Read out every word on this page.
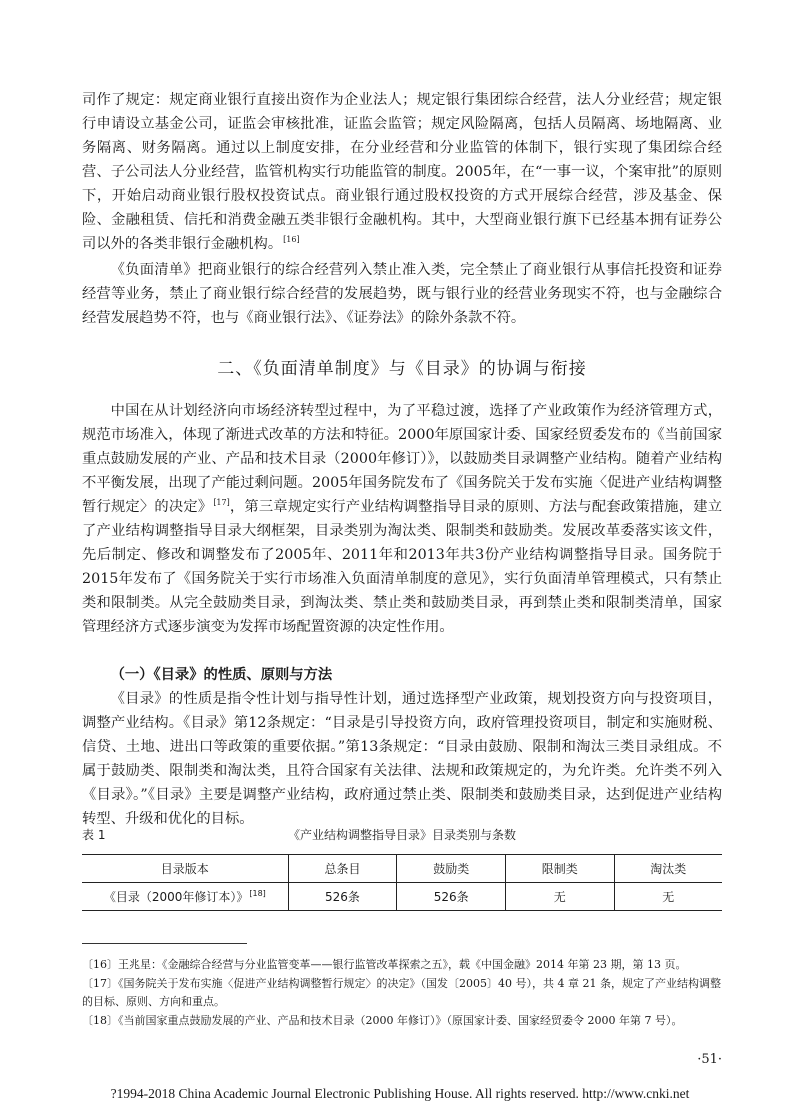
司作了规定：规定商业银行直接出资作为企业法人；规定银行集团综合经营，法人分业经营；规定银行申请设立基金公司，证监会审核批准，证监会监管；规定风险隔离，包括人员隔离、场地隔离、业务隔离、财务隔离。通过以上制度安排，在分业经营和分业监管的体制下，银行实现了集团综合经营、子公司法人分业经营，监管机构实行功能监管的制度。2005年，在“一事一议，个案审批”的原则下，开始启动商业银行股权投资试点。商业银行通过股权投资的方式开展综合经营，涉及基金、保险、金融租赁、信托和消费金融五类非银行金融机构。其中，大型商业银行旗下已经基本拥有证券公司以外的各类非银行金融机构。[16]

《负面清单》把商业银行的综合经营列入禁止准入类，完全禁止了商业银行从事信托投资和证券经营等业务，禁止了商业银行综合经营的发展趋势，既与银行业的经营业务现实不符，也与金融综合经营发展趋势不符，也与《商业银行法》、《证券法》的除外条款不符。

二、《负面清单制度》与《目录》的协调与衔接

中国在从计划经济向市场经济转型过程中，为了平稳过渡，选择了产业政策作为经济管理方式，规范市场准入，体现了渐进式改革的方法和特征。2000年原国家计委、国家经贸委发布的《当前国家重点鼓励发展的产业、产品和技术目录（2000年修订）》，以鼓励类目录调整产业结构。随着产业结构不平衡发展，出现了产能过剩问题。2005年国务院发布了《国务院关于发布实施〈促进产业结构调整暂行规定〉的决定》[17]，第三章规定实行产业结构调整指导目录的原则、方法与配套政策措施，建立了产业结构调整指导目录大纲框架，目录类别为淘汰类、限制类和鼓励类。发展改革委落实该文件，先后制定、修改和调整发布了2005年、2011年和2013年共3份产业结构调整指导目录。国务院于2015年发布了《国务院关于实行市场准入负面清单制度的意见》，实行负面清单管理模式，只有禁止类和限制类。从完全鼓励类目录，到淘汰类、禁止类和鼓励类目录，再到禁止类和限制类清单，国家管理经济方式逐步演变为发挥市场配置资源的决定性作用。

（一）《目录》的性质、原则与方法

《目录》的性质是指令性计划与指导性计划，通过选择型产业政策，规划投资方向与投资项目，调整产业结构。《目录》第12条规定：“目录是引导投资方向，政府管理投资项目，制定和实施财税、信贷、土地、进出口等政策的重要依据。”第13条规定：“目录由鼓励、限制和淘汰三类目录组成。不属于鼓励类、限制类和淘汰类，且符合国家有关法律、法规和政策规定的，为允许类。允许类不列入《目录》。”《目录》主要是调整产业结构，政府通过禁止类、限制类和鼓励类目录，达到促进产业结构转型、升级和优化的目标。

《产业结构调整指导目录》目录类别与条数
表 1
目录版本	总条目	鼓励类	限制类	淘汰类
《目录（2000年修订本）》[18]	526条	526条	无	无

〔16〕王兆星：《金融综合经营与分业监管变革——银行监管改革探索之五》，载《中国金融》2014 年第 23 期，第 13 页。

〔17〕《国务院关于发布实施〈促进产业结构调整暂行规定〉的决定》（国发〔2005〕40 号），共 4 章 21 条，规定了产业结构调整的目标、原则、方向和重点。

〔18〕《当前国家重点鼓励发展的产业、产品和技术目录（2000 年修订）》（原国家计委、国家经贸委令 2000 年第 7 号）。

·51·

?1994-2018 China Academic Journal Electronic Publishing House. All rights reserved. http://www.cnki.net
